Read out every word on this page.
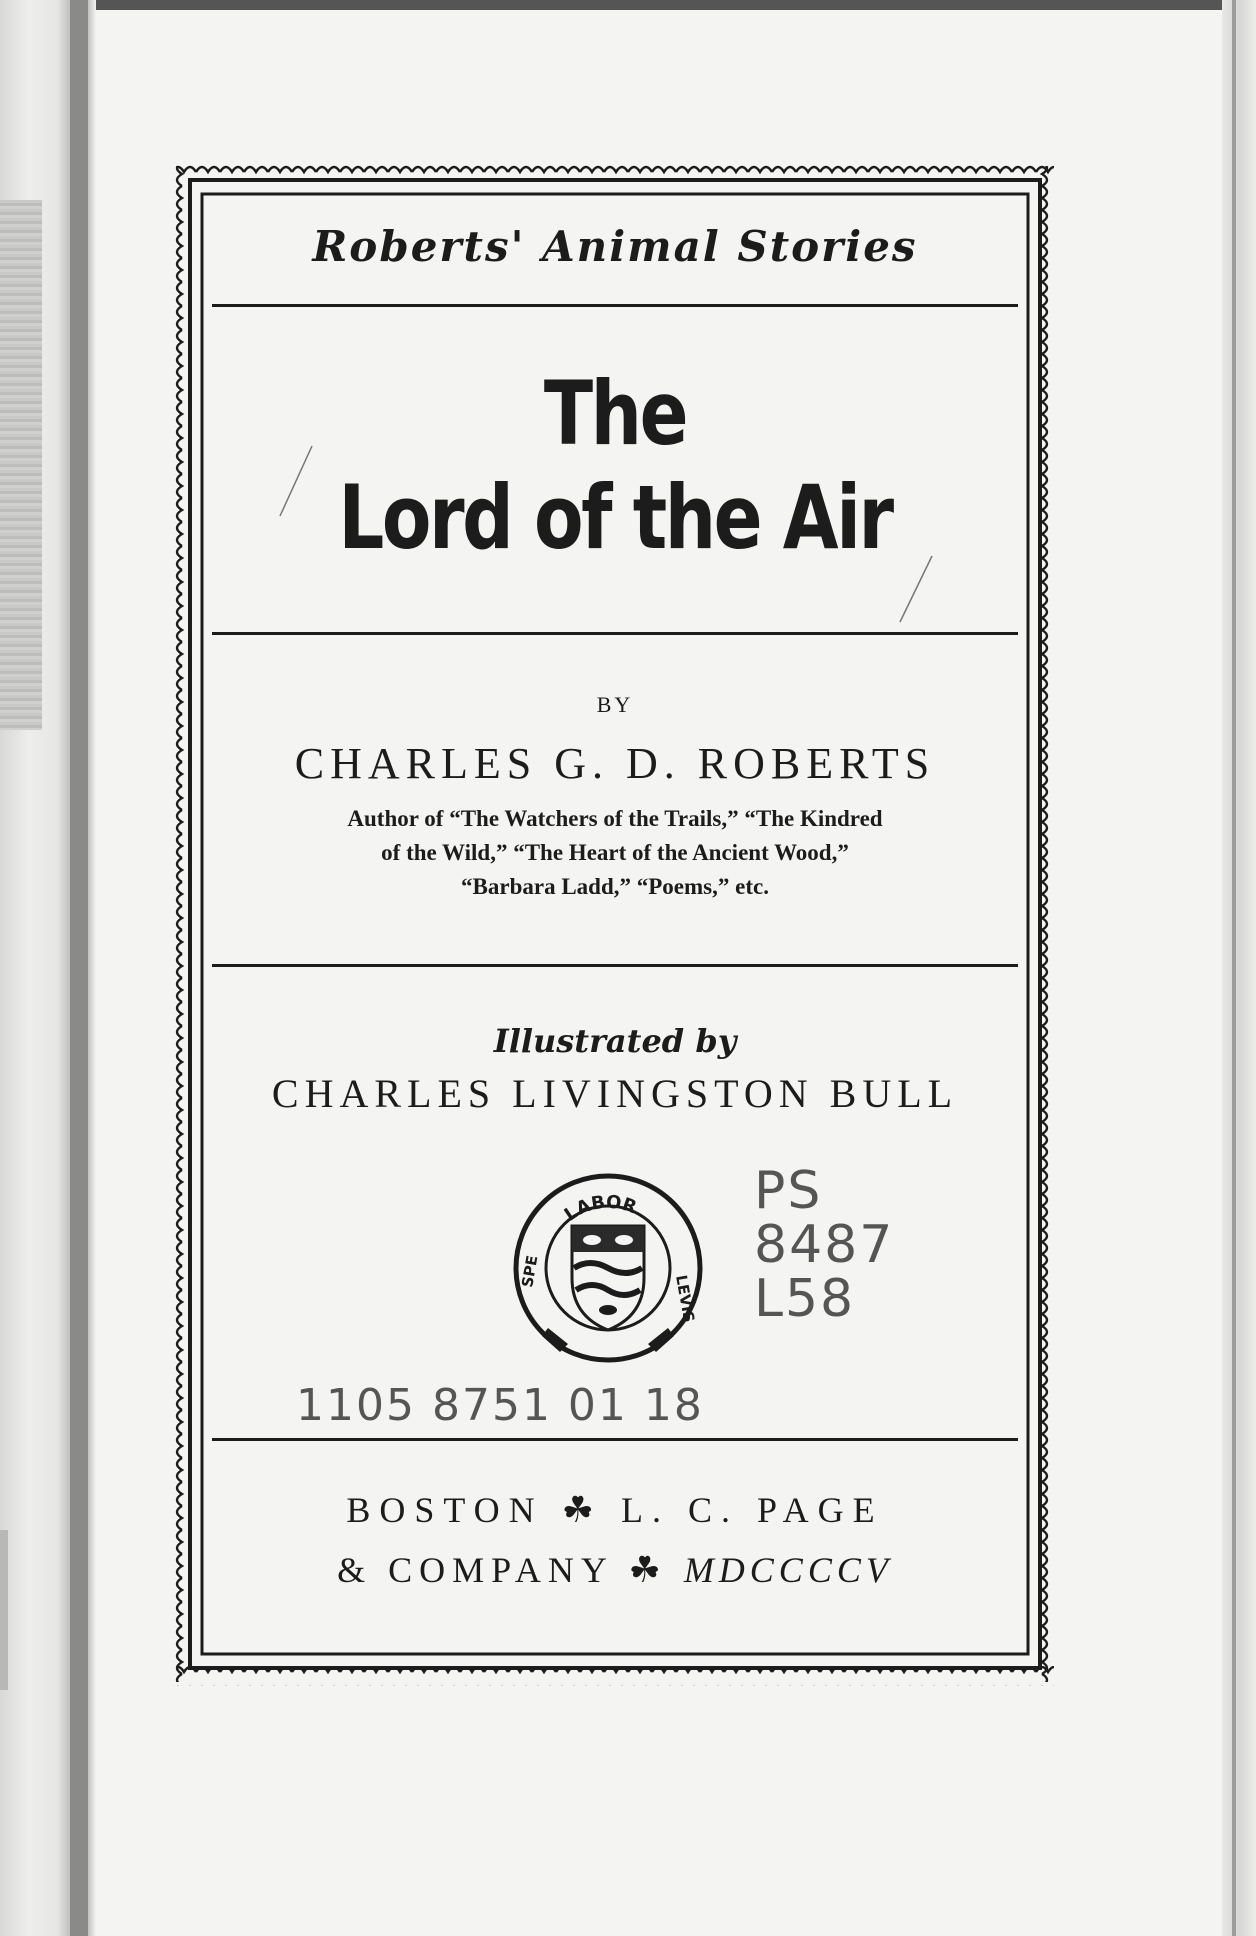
Roberts' Animal Stories
The
Lord of the Air
BY
CHARLES G. D. ROBERTS
Author of “The Watchers of the Trails,” “The Kindred
of the Wild,” “The Heart of the Ancient Wood,”
“Barbara Ladd,” “Poems,” etc.
Illustrated by
CHARLES LIVINGSTON BULL
PS
8487
L58
1105 8751 01 18
BOSTON ☘ L. C. PAGE
& COMPANY ☘ MDCCCCV
LABOR
LEVIS
SPE
